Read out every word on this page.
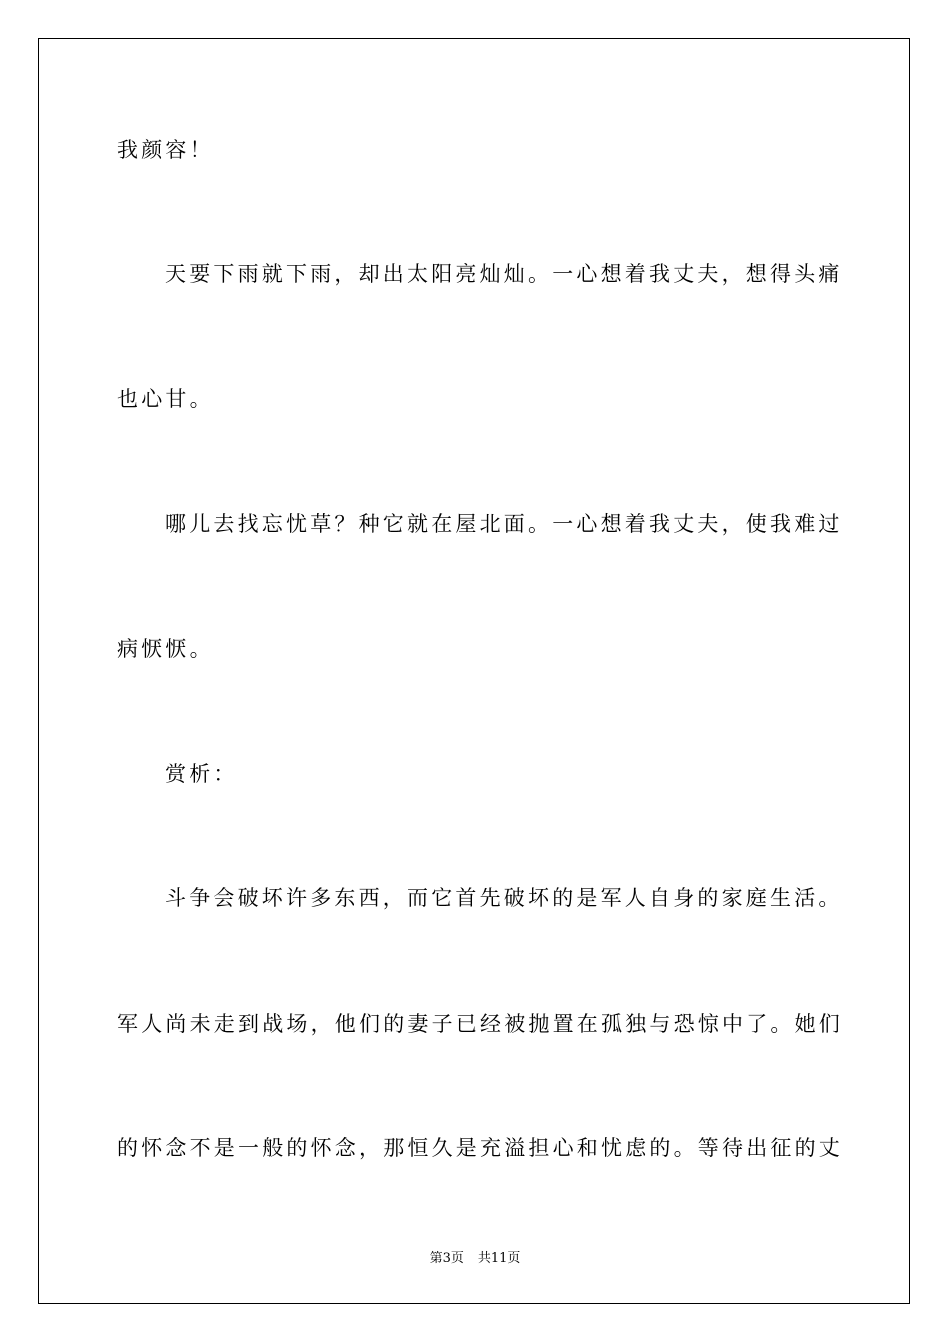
我颜容！
天要下雨就下雨，却出太阳亮灿灿。一心想着我丈夫，想得头痛
也心甘。
哪儿去找忘忧草？种它就在屋北面。一心想着我丈夫，使我难过
病恹恹。
赏析：
斗争会破坏许多东西，而它首先破坏的是军人自身的家庭生活。
军人尚未走到战场，他们的妻子已经被抛置在孤独与恐惊中了。她们
的怀念不是一般的怀念，那恒久是充溢担心和忧虑的。等待出征的丈
第3页 共11页
